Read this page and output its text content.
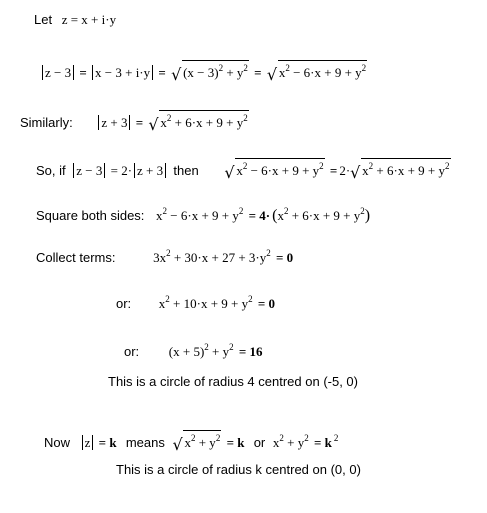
Let z = x + i·y
z − 3 = x − 3 + i·y = √ $(x - 3)^2 + y^2$ = √ $x^2 - 6\cdot x + 9 + y^2$
Similarly: z + 3 = √ $x^2 + 6\cdot x + 9 + y^2$
So, if z − 3 = 2· z + 3 then √	$x^2 - 6\cdot x + 9 + y^2 = 2\cdot√$ $x^2 + 6\cdot x + 9 + y^2$
Square both sides: $x^2 - 6\cdot x + 9 + y^2 = 4\cdot (x^2 + 6\cdot x + 9 + y^2)$
Collect terms:	$3x^2 + 30\cdot x + 27 + 3\cdot y^2 = 0$
or: $x^2 + 10\cdot x + 9 + y^2 = 0$
or: $(x + 5)^2 + y^2 = 16$
This is a circle of radius 4 centred on (-5, 0)
Now z = k means √ $x^2 + y^2 = k$ or $x^2 + y^2 = k$ $^2$
This is a circle of radius k centred on (0, 0)
